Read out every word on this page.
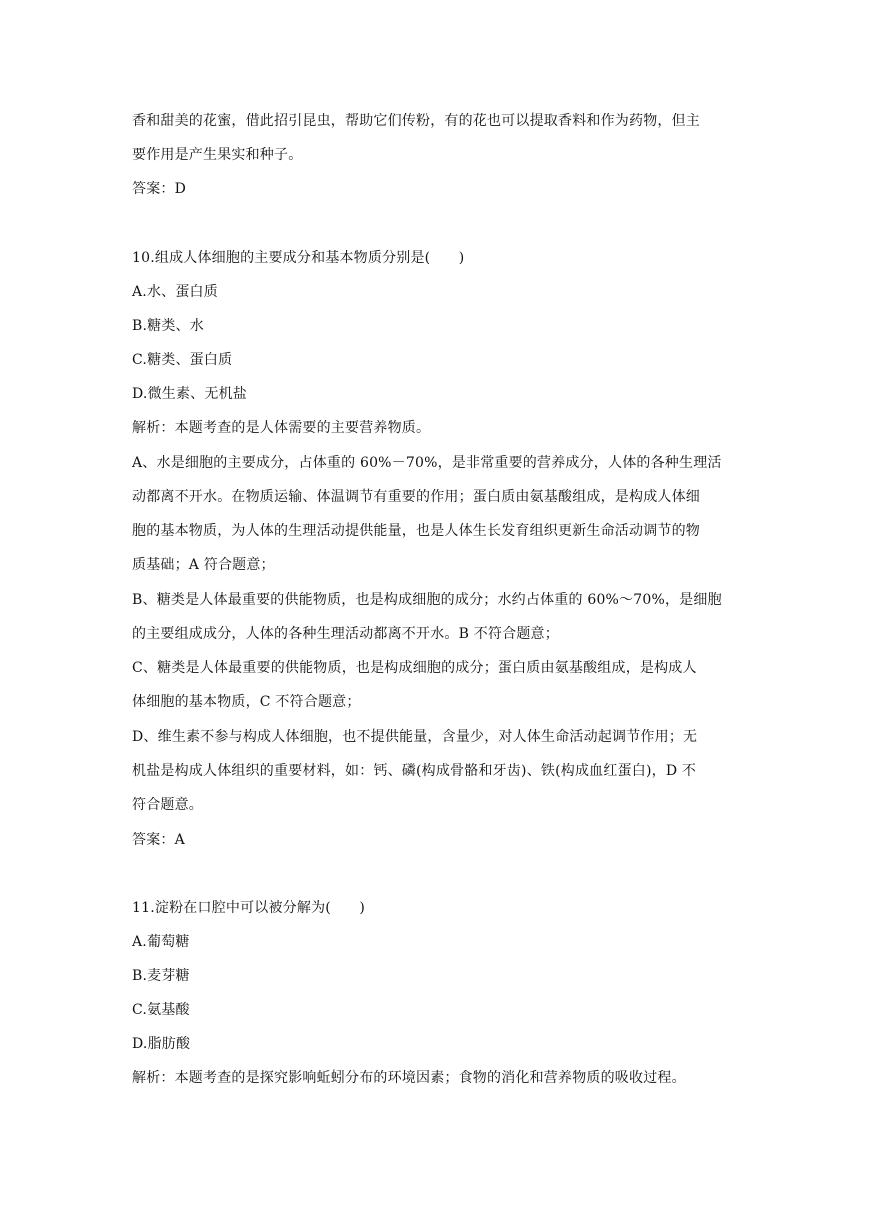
香和甜美的花蜜，借此招引昆虫，帮助它们传粉，有的花也可以提取香料和作为药物，但主
要作用是产生果实和种子。
答案：D
10.组成人体细胞的主要成分和基本物质分别是(　　)
A.水、蛋白质
B.糖类、水
C.糖类、蛋白质
D.微生素、无机盐
解析：本题考查的是人体需要的主要营养物质。
A、水是细胞的主要成分，占体重的 60%－70%，是非常重要的营养成分，人体的各种生理活
动都离不开水。在物质运输、体温调节有重要的作用；蛋白质由氨基酸组成，是构成人体细
胞的基本物质，为人体的生理活动提供能量，也是人体生长发育组织更新生命活动调节的物
质基础；A 符合题意；
B、糖类是人体最重要的供能物质，也是构成细胞的成分；水约占体重的 60%～70%，是细胞
的主要组成成分，人体的各种生理活动都离不开水。B 不符合题意；
C、糖类是人体最重要的供能物质，也是构成细胞的成分；蛋白质由氨基酸组成，是构成人
体细胞的基本物质，C 不符合题意；
D、维生素不参与构成人体细胞，也不提供能量，含量少，对人体生命活动起调节作用；无
机盐是构成人体组织的重要材料，如：钙、磷(构成骨骼和牙齿)、铁(构成血红蛋白)，D 不
符合题意。
答案：A
11.淀粉在口腔中可以被分解为(　　)
A.葡萄糖
B.麦芽糖
C.氨基酸
D.脂肪酸
解析：本题考查的是探究影响蚯蚓分布的环境因素；食物的消化和营养物质的吸收过程。
